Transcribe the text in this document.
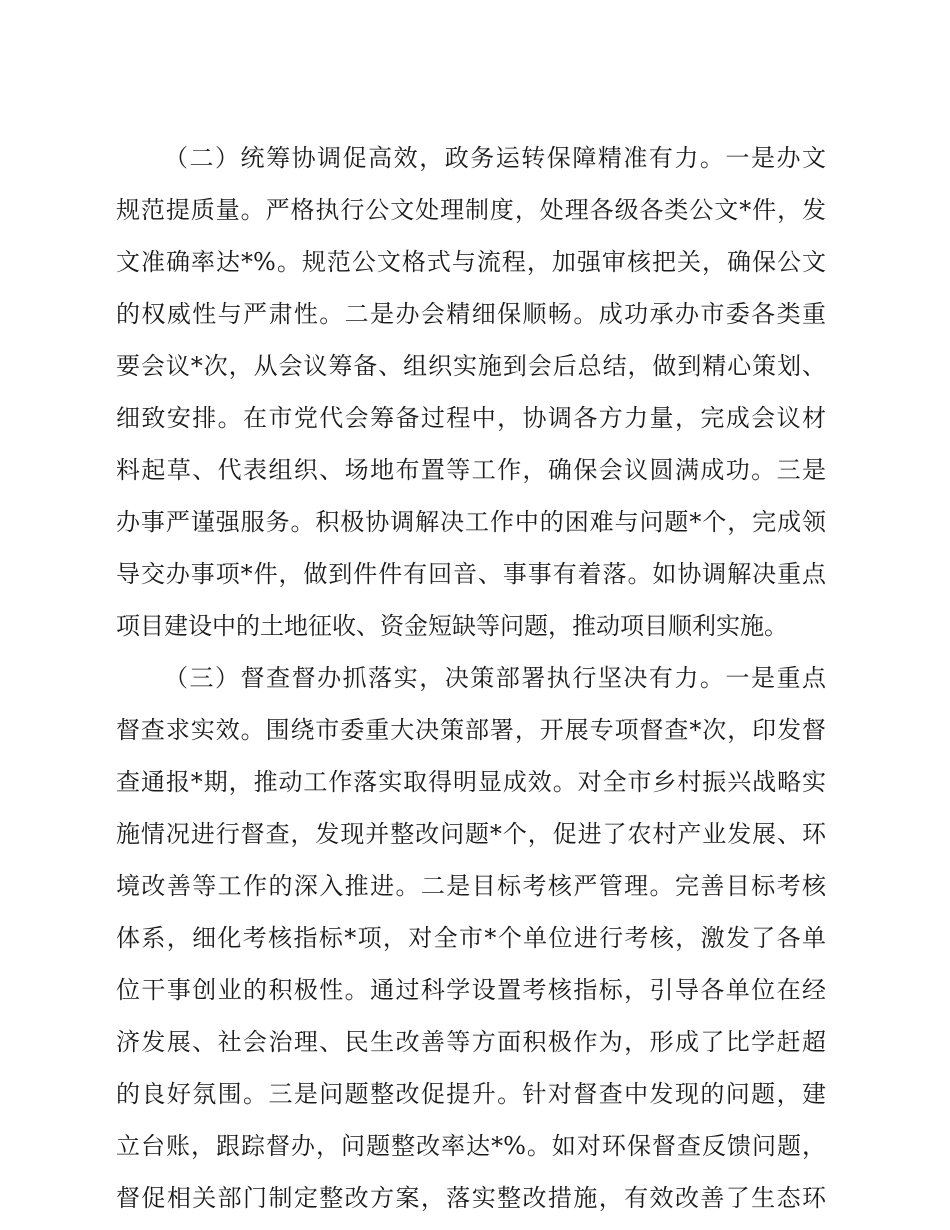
（二）统筹协调促高效，政务运转保障精准有力。一是办文
规范提质量。严格执行公文处理制度，处理各级各类公文*件，发
文准确率达*%。规范公文格式与流程，加强审核把关，确保公文
的权威性与严肃性。二是办会精细保顺畅。成功承办市委各类重
要会议*次，从会议筹备、组织实施到会后总结，做到精心策划、
细致安排。在市党代会筹备过程中，协调各方力量，完成会议材
料起草、代表组织、场地布置等工作，确保会议圆满成功。三是
办事严谨强服务。积极协调解决工作中的困难与问题*个，完成领
导交办事项*件，做到件件有回音、事事有着落。如协调解决重点
项目建设中的土地征收、资金短缺等问题，推动项目顺利实施。
（三）督查督办抓落实，决策部署执行坚决有力。一是重点
督查求实效。围绕市委重大决策部署，开展专项督查*次，印发督
查通报*期，推动工作落实取得明显成效。对全市乡村振兴战略实
施情况进行督查，发现并整改问题*个，促进了农村产业发展、环
境改善等工作的深入推进。二是目标考核严管理。完善目标考核
体系，细化考核指标*项，对全市*个单位进行考核，激发了各单
位干事创业的积极性。通过科学设置考核指标，引导各单位在经
济发展、社会治理、民生改善等方面积极作为，形成了比学赶超
的良好氛围。三是问题整改促提升。针对督查中发现的问题，建
立台账，跟踪督办，问题整改率达*%。如对环保督查反馈问题，
督促相关部门制定整改方案，落实整改措施，有效改善了生态环
